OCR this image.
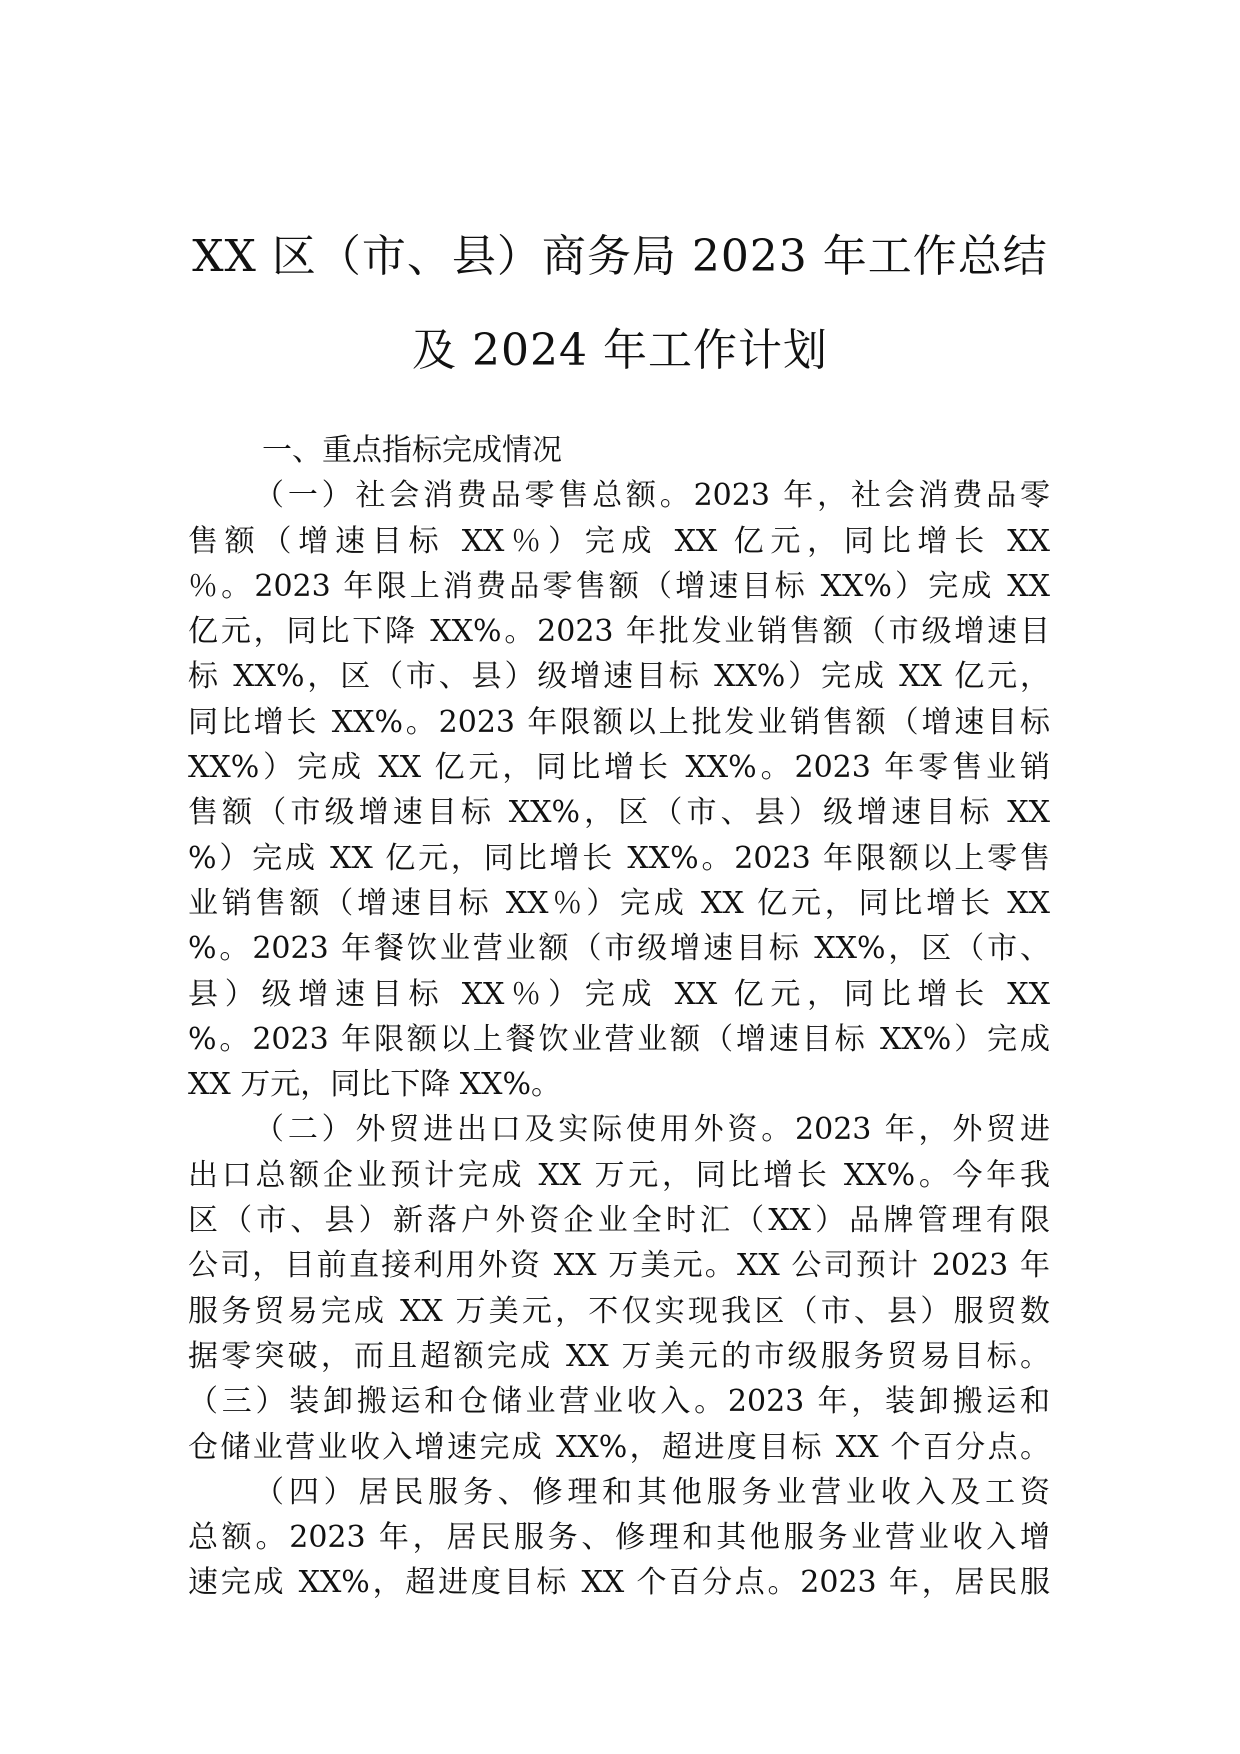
XX 区（市、县）商务局 2023 年工作总结
及 2024 年工作计划
一、重点指标完成情况
（一）社会消费品零售总额。2023 年，社会消费品零
售额（增速目标 XX％）完成 XX 亿元，同比增长 XX
％。2023 年限上消费品零售额（增速目标 XX%）完成 XX
亿元，同比下降 XX%。2023 年批发业销售额（市级增速目
标 XX%，区（市、县）级增速目标 XX%）完成 XX 亿元，
同比增长 XX%。2023 年限额以上批发业销售额（增速目标
XX%）完成 XX 亿元，同比增长 XX%。2023 年零售业销
售额（市级增速目标 XX%，区（市、县）级增速目标 XX
%）完成 XX 亿元，同比增长 XX%。2023 年限额以上零售
业销售额（增速目标 XX％）完成 XX 亿元，同比增长 XX
%。2023 年餐饮业营业额（市级增速目标 XX%，区（市、
县）级增速目标 XX％）完成 XX 亿元，同比增长 XX
%。2023 年限额以上餐饮业营业额（增速目标 XX%）完成
XX 万元，同比下降 XX%。
（二）外贸进出口及实际使用外资。2023 年，外贸进
出口总额企业预计完成 XX 万元，同比增长 XX%。今年我
区（市、县）新落户外资企业全时汇（XX）品牌管理有限
公司，目前直接利用外资 XX 万美元。XX 公司预计 2023 年
服务贸易完成 XX 万美元，不仅实现我区（市、县）服贸数
据零突破，而且超额完成 XX 万美元的市级服务贸易目标。
（三）装卸搬运和仓储业营业收入。2023 年，装卸搬运和
仓储业营业收入增速完成 XX%，超进度目标 XX 个百分点。
（四）居民服务、修理和其他服务业营业收入及工资
总额。2023 年，居民服务、修理和其他服务业营业收入增
速完成 XX%，超进度目标 XX 个百分点。2023 年，居民服
